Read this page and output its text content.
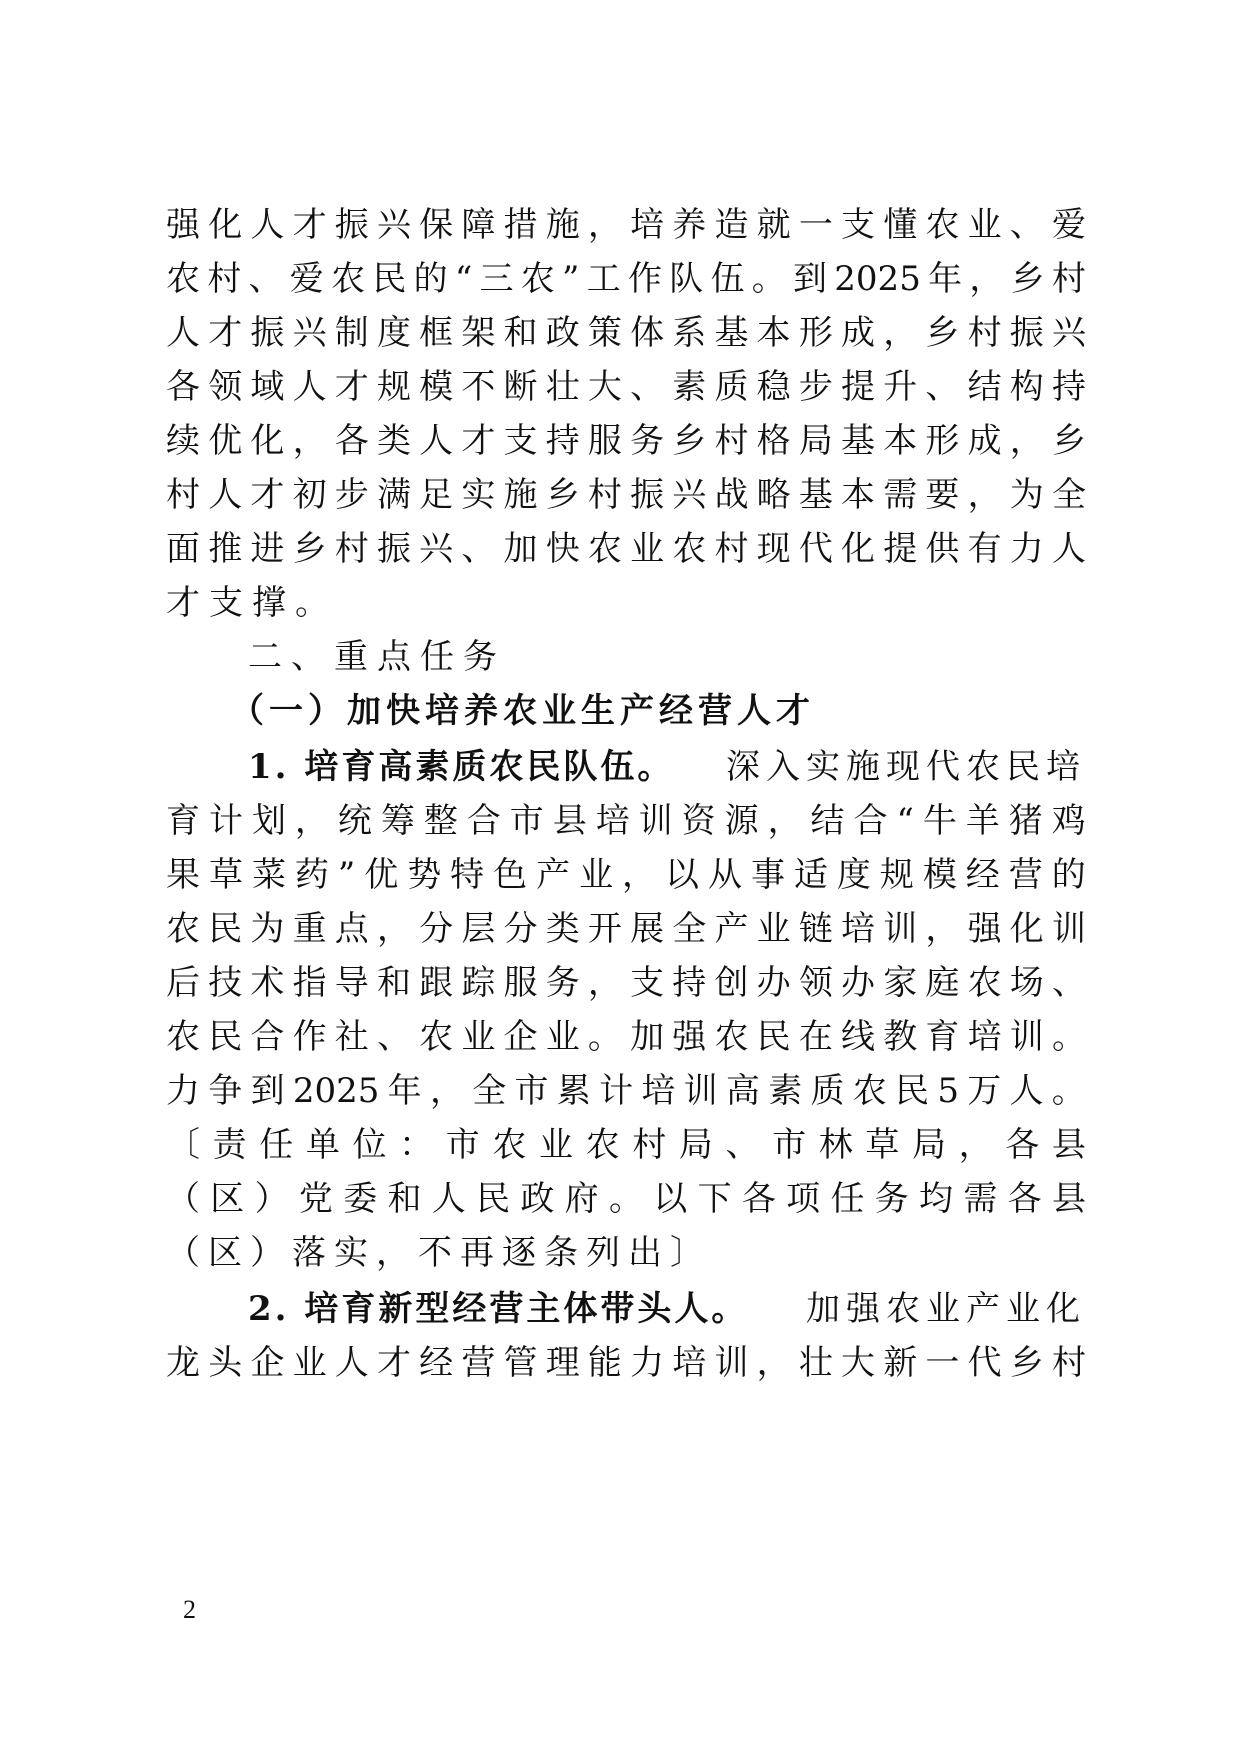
强 化 人 才 振 兴 保 障 措 施 ， 培 养 造 就 一 支 懂 农 业 、 爱
农 村 、 爱 农 民 的 “ 三 农 ” 工 作 队 伍 。 到 2025 年 ， 乡 村
人 才 振 兴 制 度 框 架 和 政 策 体 系 基 本 形 成 ， 乡 村 振 兴
各 领 域 人 才 规 模 不 断 壮 大 、 素 质 稳 步 提 升 、 结 构 持
续 优 化 ， 各 类 人 才 支 持 服 务 乡 村 格 局 基 本 形 成 ， 乡
村 人 才 初 步 满 足 实 施 乡 村 振 兴 战 略 基 本 需 要 ， 为 全
面 推 进 乡 村 振 兴 、 加 快 农 业 农 村 现 代 化 提 供 有 力 人
才支撑。
二、重点任务
（一）加快培养农业生产经营人才
1. 培育高素质农民队伍。 深入实施现代农民培
育 计 划 ， 统 筹 整 合 市 县 培 训 资 源 ， 结 合 “ 牛 羊 猪 鸡
果 草 菜 药 ” 优 势 特 色 产 业 ， 以 从 事 适 度 规 模 经 营 的
农 民 为 重 点 ， 分 层 分 类 开 展 全 产 业 链 培 训 ， 强 化 训
后 技 术 指 导 和 跟 踪 服 务 ， 支 持 创 办 领 办 家 庭 农 场 、
农 民 合 作 社 、 农 业 企 业 。 加 强 农 民 在 线 教 育 培 训 。
力 争 到 2025 年 ， 全 市 累 计 培 训 高 素 质 农 民 5 万 人 。
〔 责 任 单 位 ： 市 农 业 农 村 局 、 市 林 草 局 ， 各 县
（ 区 ） 党 委 和 人 民 政 府 。 以 下 各 项 任 务 均 需 各 县
（区）落实，不再逐条列出〕
2. 培育新型经营主体带头人。 加强农业产业化
龙 头 企 业 人 才 经 营 管 理 能 力 培 训 ， 壮 大 新 一 代 乡 村
2
